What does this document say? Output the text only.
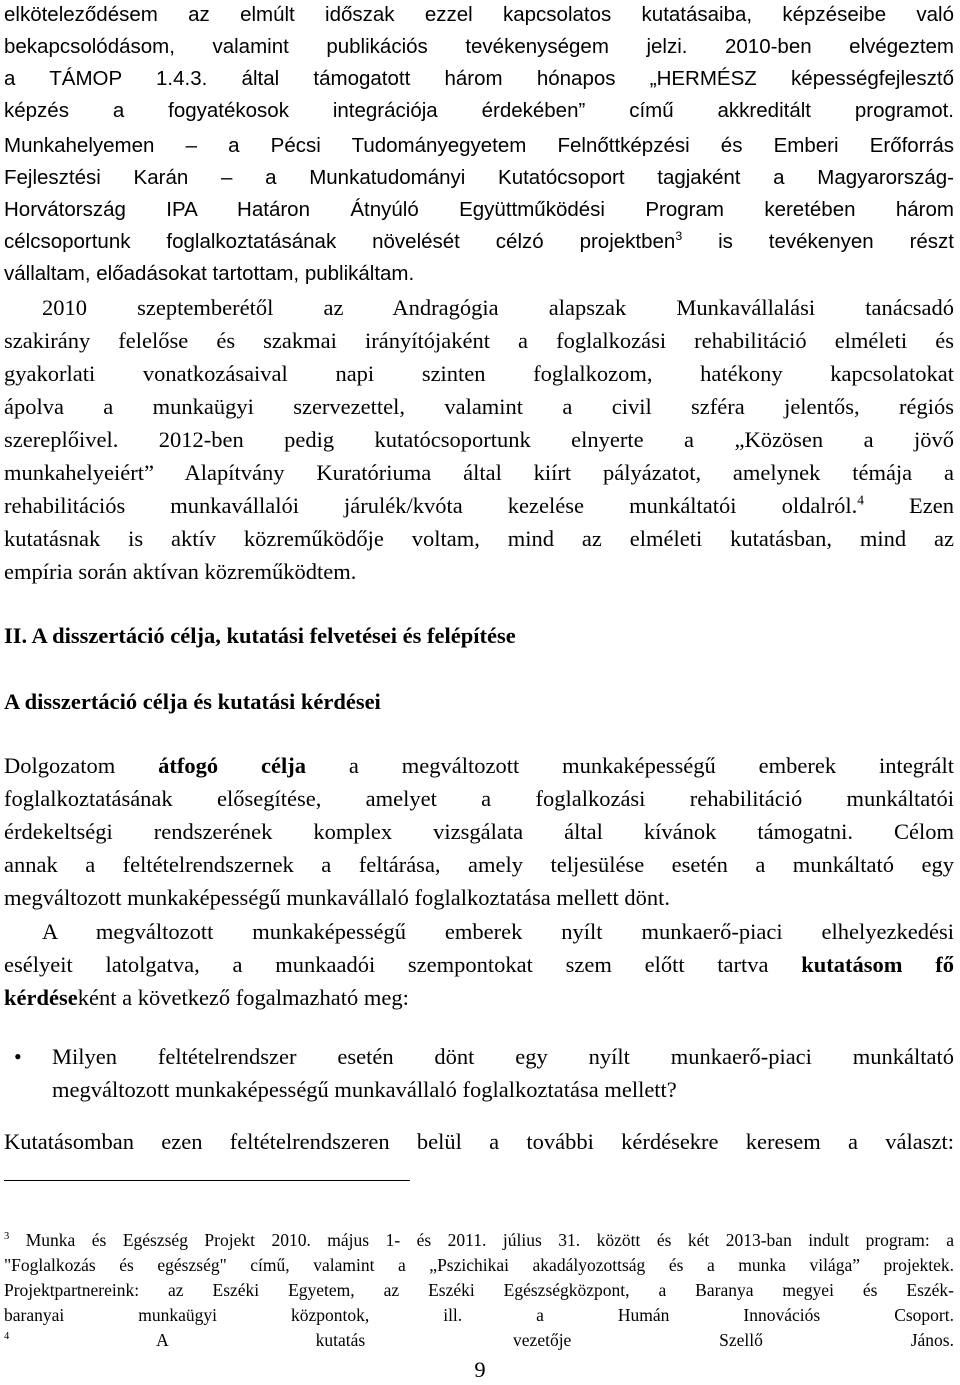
elköteleződésem az elmúlt időszak ezzel kapcsolatos kutatásaiba, képzéseibe való
bekapcsolódásom, valamint publikációs tevékenységem jelzi. 2010-ben elvégeztem
a TÁMOP 1.4.3. által támogatott három hónapos „HERMÉSZ képességfejlesztő
képzés a fogyatékosok integrációja érdekében” című akkreditált programot.
Munkahelyemen – a Pécsi Tudományegyetem Felnőttképzési és Emberi Erőforrás
Fejlesztési Karán – a Munkatudományi Kutatócsoport tagjaként a Magyarország-
Horvátország IPA Határon Átnyúló Együttműködési Program keretében három
célcsoportunk foglalkoztatásának növelését célzó projektben$^3$ is tevékenyen részt
vállaltam, előadásokat tartottam, publikáltam.
2010 szeptemberétől az Andragógia alapszak Munkavállalási tanácsadó
szakirány felelőse és szakmai irányítójaként a foglalkozási rehabilitáció elméleti és
gyakorlati vonatkozásaival napi szinten foglalkozom, hatékony kapcsolatokat
ápolva a munkaügyi szervezettel, valamint a civil szféra jelentős, régiós
szereplőivel. 2012-ben pedig kutatócsoportunk elnyerte a „Közösen a jövő
munkahelyeiért” Alapítvány Kuratóriuma által kiírt pályázatot, amelynek témája a
rehabilitációs munkavállalói járulék/kvóta kezelése munkáltatói oldalról.$^4$ Ezen
kutatásnak is aktív közreműködője voltam, mind az elméleti kutatásban, mind az
empíria során aktívan közreműködtem.
II. A disszertáció célja, kutatási felvetései és felépítése
A disszertáció célja és kutatási kérdései
Dolgozatom átfogó célja a megváltozott munkaképességű emberek integrált
foglalkoztatásának elősegítése, amelyet a foglalkozási rehabilitáció munkáltatói
érdekeltségi rendszerének komplex vizsgálata által kívánok támogatni. Célom
annak a feltételrendszernek a feltárása, amely teljesülése esetén a munkáltató egy
megváltozott munkaképességű munkavállaló foglalkoztatása mellett dönt.
A megváltozott munkaképességű emberek nyílt munkaerő-piaci elhelyezkedési
esélyeit latolgatva, a munkaadói szempontokat szem előtt tartva kutatásom fő
kérdéseként a következő fogalmazható meg:
• Milyen feltételrendszer esetén dönt egy nyílt munkaerő-piaci munkáltató
megváltozott munkaképességű munkavállaló foglalkoztatása mellett?
Kutatásomban ezen feltételrendszeren belül a további kérdésekre keresem a választ:
$^3$ Munka és Egészség Projekt 2010. május 1- és 2011. július 31. között és két 2013-ban indult program: a
"Foglalkozás és egészség" című, valamint a „Pszichikai akadályozottság és a munka világa” projektek.
Projektpartnereink: az Eszéki Egyetem, az Eszéki Egészségközpont, a Baranya megyei és Eszék-
baranyai munkaügyi központok, ill. a Humán Innovációs Csoport.
$^4$	A kutatás vezetője Szellő János.
9
